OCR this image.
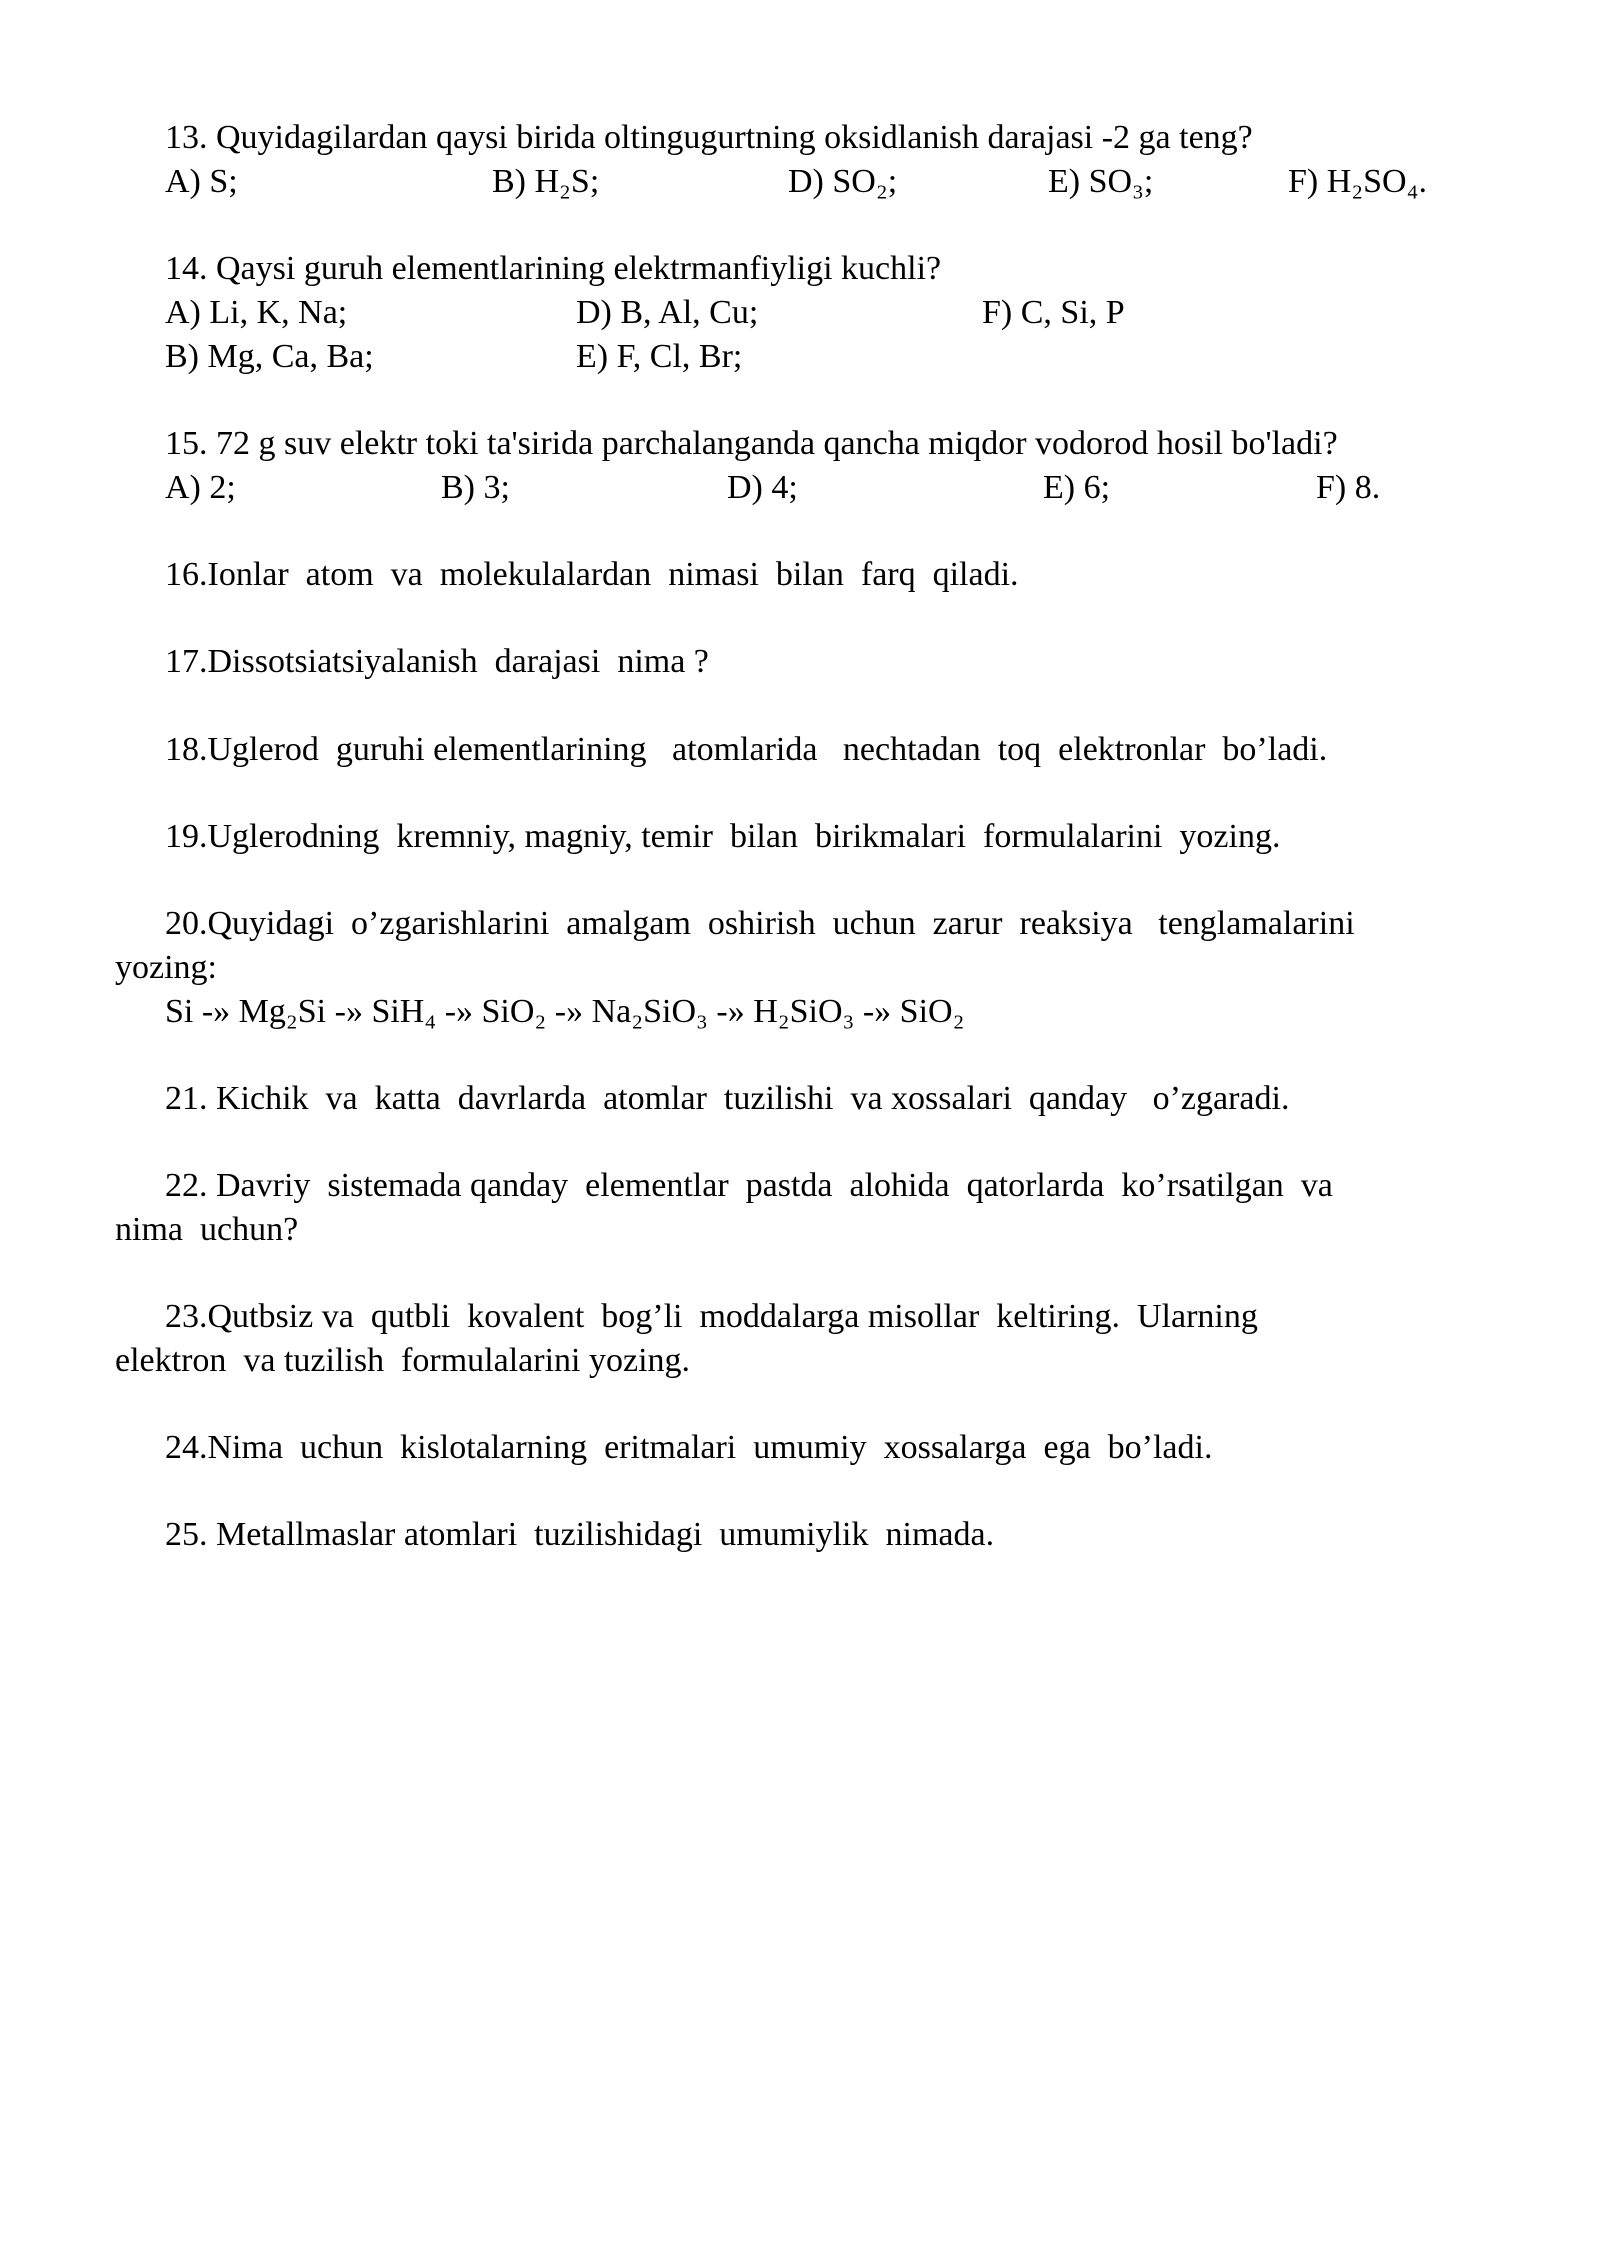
13. Quyidagilardan qaysi birida oltingugurtning oksidlanish darajasi -2 ga teng?
A) S;	B) H₂S;	D) SO₂;	E) SO₃;	F) H₂SO₄.
14. Qaysi guruh elementlarining elektrmanfiyligi kuchli?
A) Li, K, Na;	D) B, Al, Cu;	F) C, Si, P
B) Mg, Ca, Ba;	E) F, Cl, Br;
15. 72 g suv elektr toki ta'sirida parchalanganda qancha miqdor vodorod hosil bo'ladi?
A) 2;	B) 3;	D) 4;	E) 6;	F) 8.
16.Ionlar  atom  va  molekulalardan  nimasi  bilan  farq  qiladi.
17.Dissotsiatsiyalanish  darajasi  nima ?
18.Uglerod  guruhi elementlarining   atomlarida   nechtadan  toq  elektronlar  bo’ladi.
19.Uglerodning  kremniy, magniy, temir  bilan  birikmalari  formulalarini  yozing.
20.Quyidagi  o’zgarishlarini  amalgam  oshirish  uchun  zarur  reaksiya   tenglamalarini
yozing:
Si -» Mg₂Si -» SiH₄ -» SiO₂ -» Na₂SiO₃ -» H₂SiO₃ -» SiO₂
21. Kichik  va  katta  davrlarda  atomlar  tuzilishi  va xossalari  qanday   o’zgaradi.
22. Davriy  sistemada qanday  elementlar  pastda  alohida  qatorlarda  ko’rsatilgan  va
nima  uchun?
23.Qutbsiz va  qutbli  kovalent  bog’li  moddalarga misollar  keltiring.  Ularning
elektron  va tuzilish  formulalarini yozing.
24.Nima  uchun  kislotalarning  eritmalari  umumiy  xossalarga  ega  bo’ladi.
25. Metallmaslar atomlari  tuzilishidagi  umumiylik  nimada.
